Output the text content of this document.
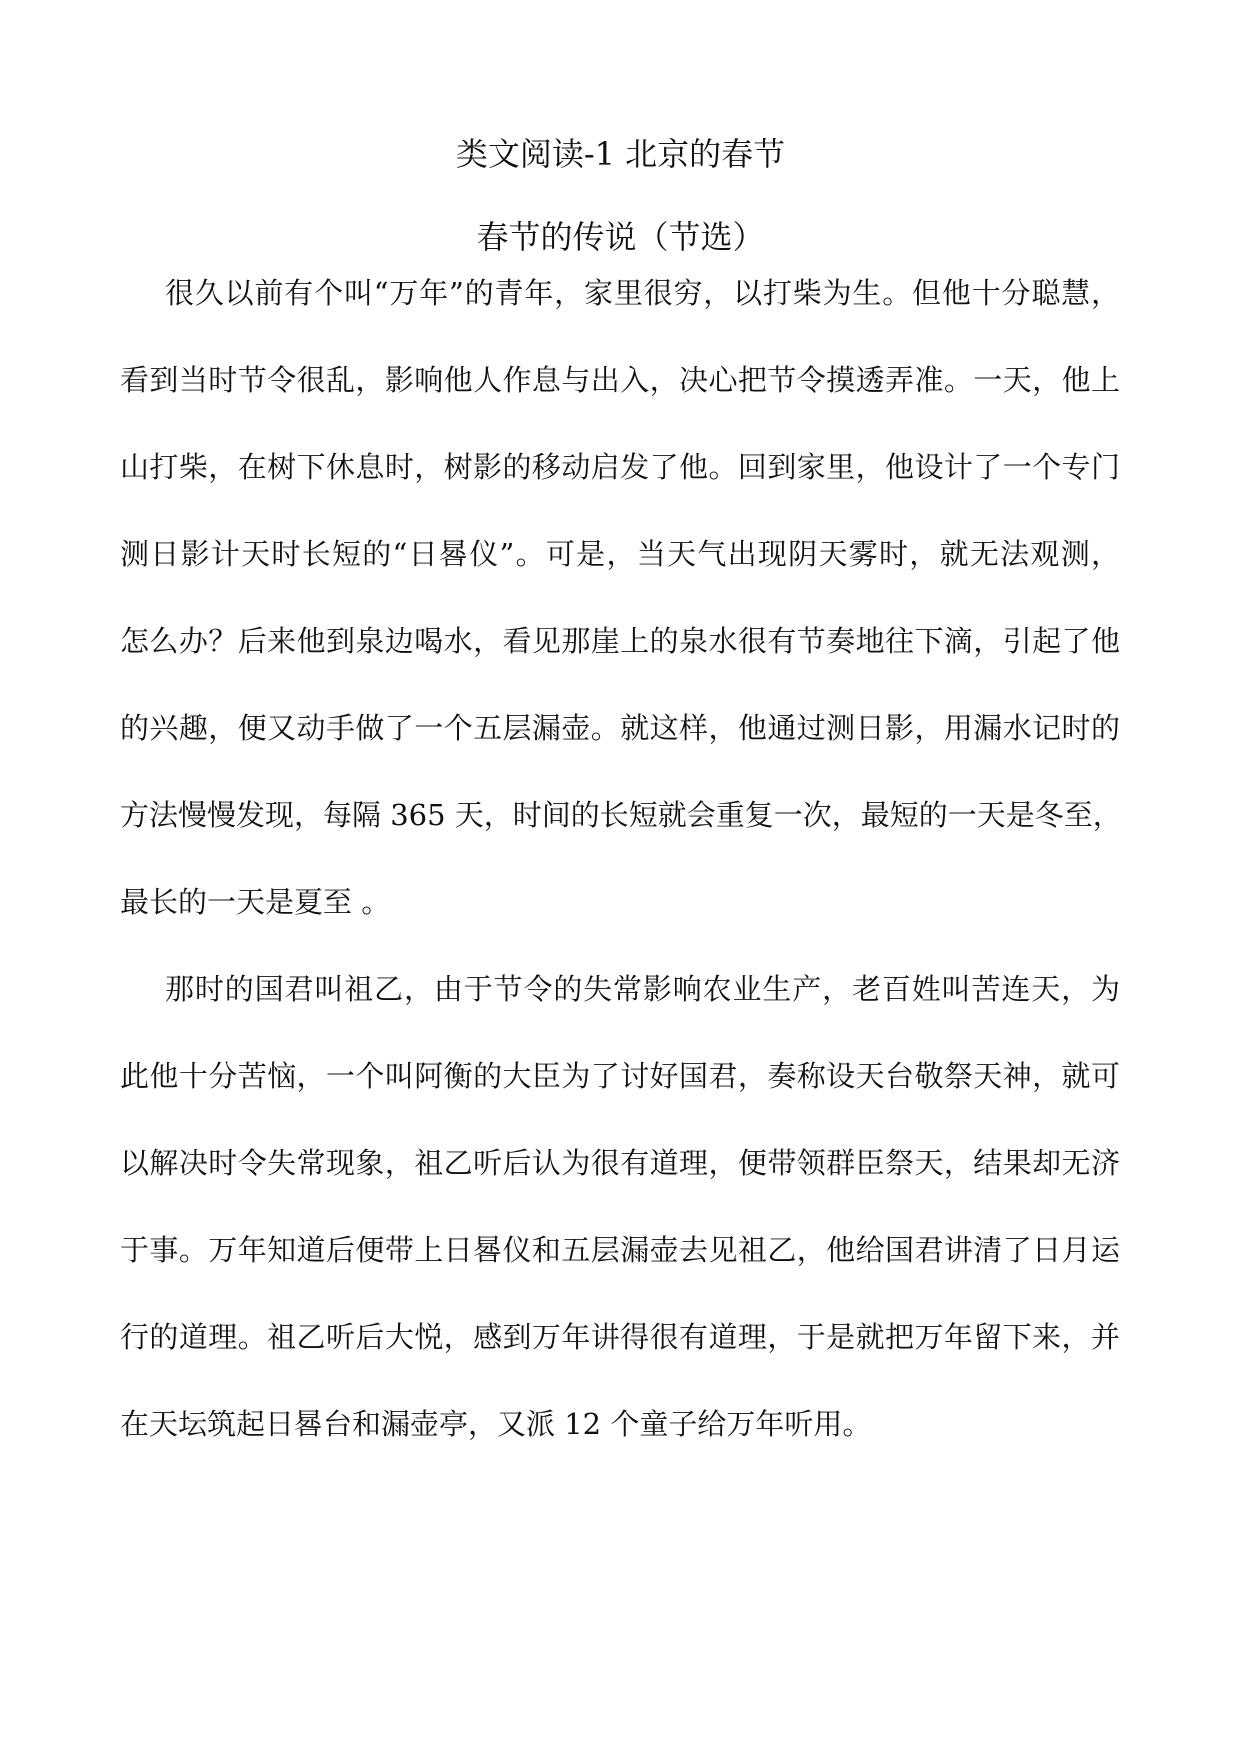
类文阅读-1 北京的春节
春节的传说（节选）
很久以前有个叫“万年”的青年，家里很穷，以打柴为生。但他十分聪慧，
看到当时节令很乱，影响他人作息与出入，决心把节令摸透弄准。一天，他上
山打柴，在树下休息时，树影的移动启发了他。回到家里，他设计了一个专门
测日影计天时长短的“日晷仪”。可是，当天气出现阴天雾时，就无法观测，
怎么办？后来他到泉边喝水，看见那崖上的泉水很有节奏地往下滴，引起了他
的兴趣，便又动手做了一个五层漏壶。就这样，他通过测日影，用漏水记时的
方法慢慢发现，每隔 365 天，时间的长短就会重复一次，最短的一天是冬至，
最长的一天是夏至 。
那时的国君叫祖乙，由于节令的失常影响农业生产，老百姓叫苦连天，为
此他十分苦恼，一个叫阿衡的大臣为了讨好国君，奏称设天台敬祭天神，就可
以解决时令失常现象，祖乙听后认为很有道理，便带领群臣祭天，结果却无济
于事。万年知道后便带上日晷仪和五层漏壶去见祖乙，他给国君讲清了日月运
行的道理。祖乙听后大悦，感到万年讲得很有道理，于是就把万年留下来，并
在天坛筑起日晷台和漏壶亭，又派 12 个童子给万年听用。
